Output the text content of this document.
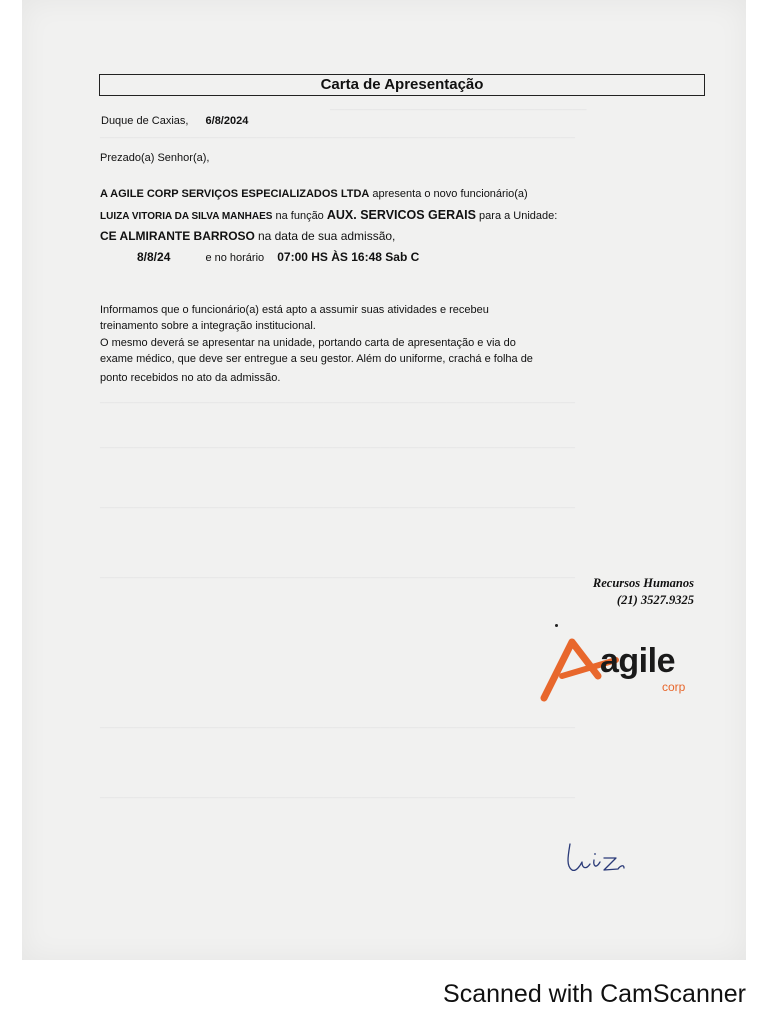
______________________________________________________
____________________________________________________________________________________________________
____________________________________________________________________________________________________
____________________________________________________________________________________________________
____________________________________________________________________________________________________
____________________________________________________________________________________________________
____________________________________________________________________________________________________
____________________________________________________________________________________________________
Carta de Apresentação
Duque de Caxias, 6/8/2024
Prezado(a) Senhor(a),
A AGILE CORP SERVIÇOS ESPECIALIZADOS LTDA apresenta o novo funcionário(a)
LUIZA VITORIA DA SILVA MANHAES na função AUX. SERVICOS GERAIS para a Unidade:
CE ALMIRANTE BARROSO na data de sua admissão,
8/8/24	e no horário 07:00 HS ÀS 16:48 Sab C
Informamos que o funcionário(a) está apto a assumir suas atividades e recebeu
treinamento sobre a integração institucional.
O mesmo deverá se apresentar na unidade, portando carta de apresentação e via do
exame médico, que deve ser entregue a seu gestor. Além do uniforme, crachá e folha de
ponto recebidos no ato da admissão.
Recursos Humanos
(21) 3527.9325
agile
corp
Scanned with CamScanner
